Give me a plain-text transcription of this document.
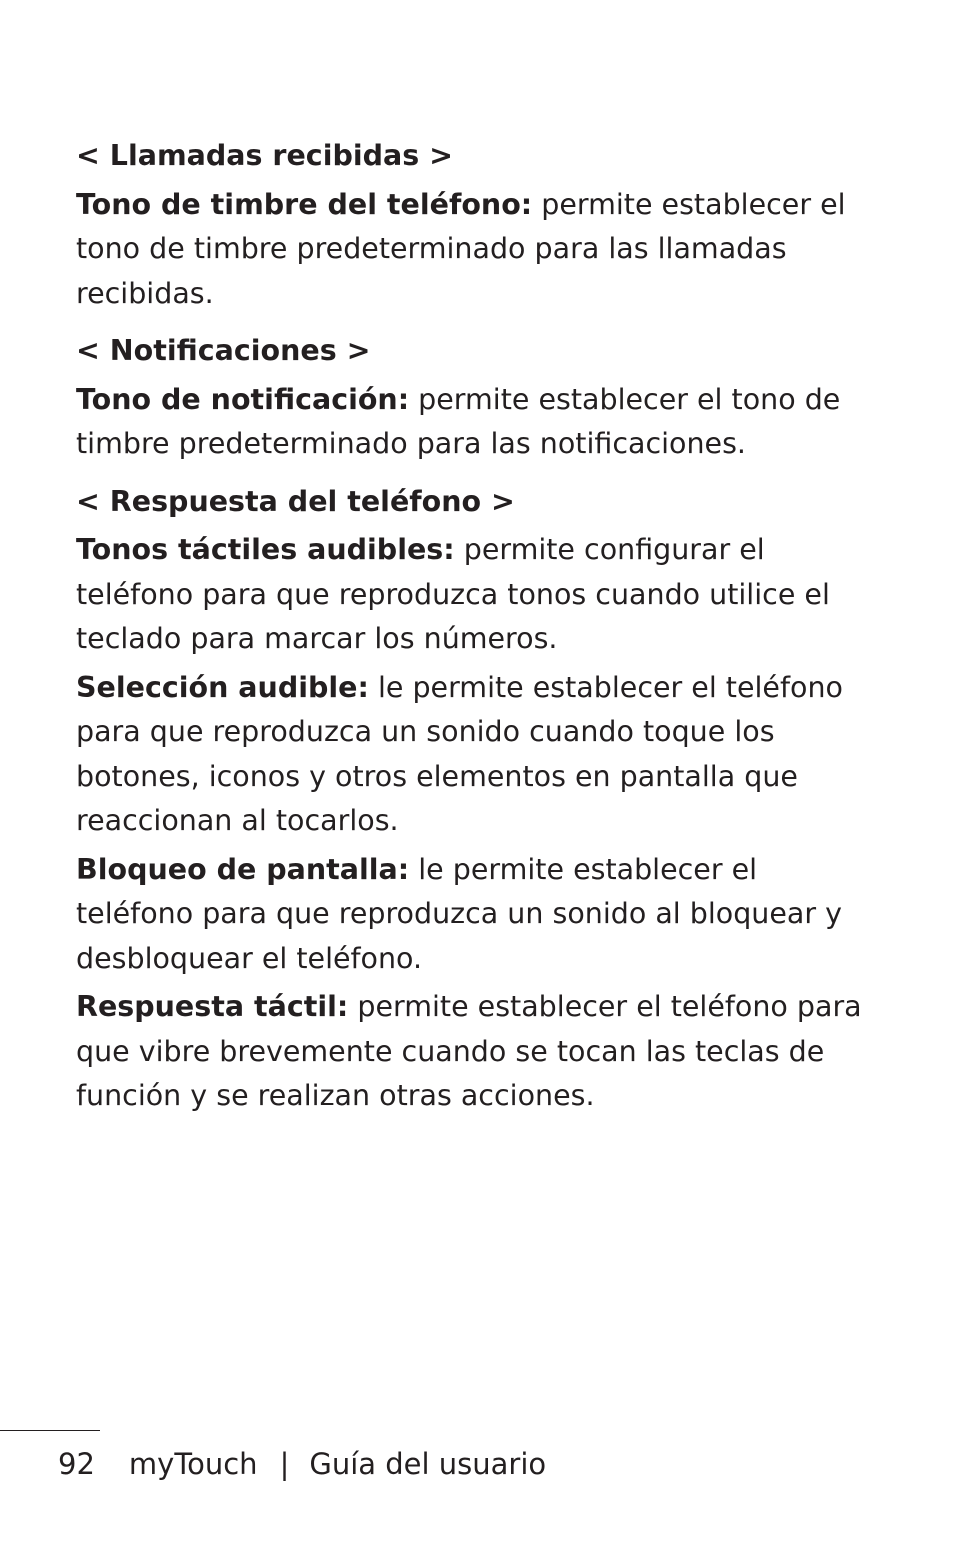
< Llamadas recibidas >

Tono de timbre del teléfono: permite establecer el tono de timbre predeterminado para las llamadas recibidas.

< Notificaciones >

Tono de notificación: permite establecer el tono de timbre predeterminado para las notificaciones.

< Respuesta del teléfono >

Tonos táctiles audibles: permite configurar el teléfono para que reproduzca tonos cuando utilice el teclado para marcar los números.

Selección audible: le permite establecer el teléfono para que reproduzca un sonido cuando toque los botones, iconos y otros elementos en pantalla que reaccionan al tocarlos.

Bloqueo de pantalla: le permite establecer el teléfono para que reproduzca un sonido al bloquear y desbloquear el teléfono.

Respuesta táctil: permite establecer el teléfono para que vibre brevemente cuando se tocan las teclas de función y se realizan otras acciones.

92 myTouch | Guía del usuario
